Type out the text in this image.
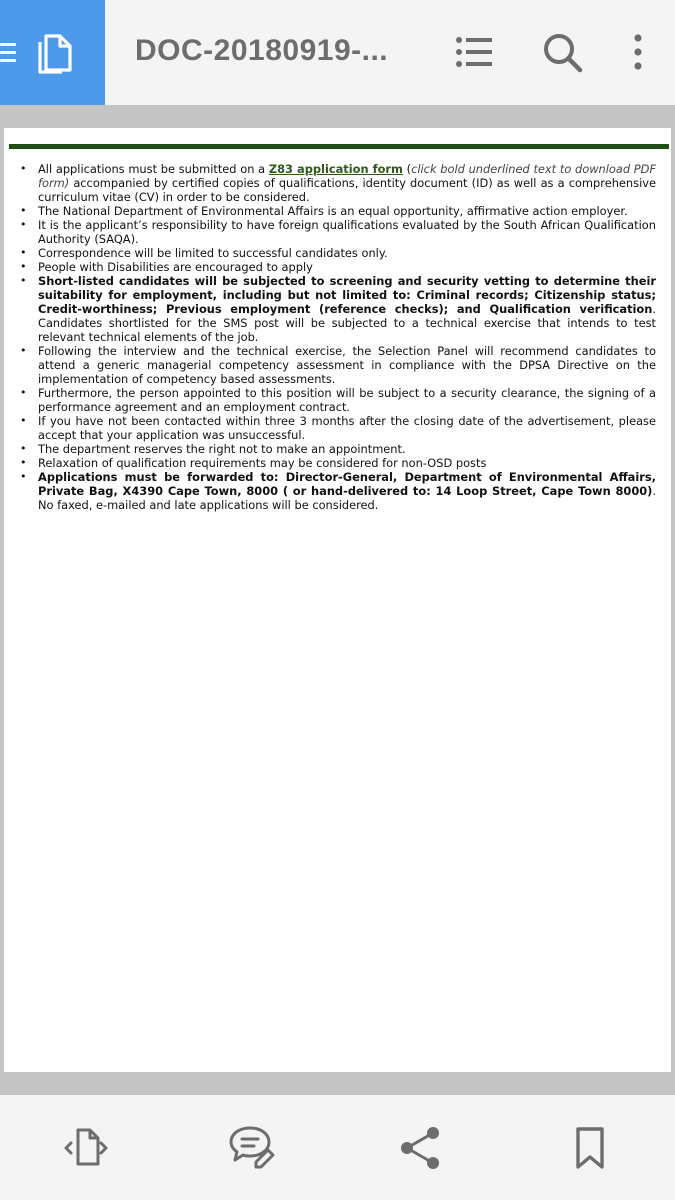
DOC-20180919-...
• All applications must be submitted on a Z83 application form (click bold underlined text to download PDF form) accompanied by certified copies of qualifications, identity document (ID) as well as a comprehensive curriculum vitae (CV) in order to be considered.
• The National Department of Environmental Affairs is an equal opportunity, affirmative action employer.
• It is the applicant’s responsibility to have foreign qualifications evaluated by the South African Qualification Authority (SAQA).
• Correspondence will be limited to successful candidates only.
• People with Disabilities are encouraged to apply
• Short-listed candidates will be subjected to screening and security vetting to determine their suitability for employment, including but not limited to: Criminal records; Citizenship status; Credit-worthiness; Previous employment (reference checks); and Qualification verification. Candidates shortlisted for the SMS post will be subjected to a technical exercise that intends to test relevant technical elements of the job.
• Following the interview and the technical exercise, the Selection Panel will recommend candidates to attend a generic managerial competency assessment in compliance with the DPSA Directive on the implementation of competency based assessments.
• Furthermore, the person appointed to this position will be subject to a security clearance, the signing of a performance agreement and an employment contract.
• If you have not been contacted within three 3 months after the closing date of the advertisement, please accept that your application was unsuccessful.
• The department reserves the right not to make an appointment.
• Relaxation of qualification requirements may be considered for non-OSD posts
• Applications must be forwarded to: Director-General, Department of Environmental Affairs, Private Bag, X4390 Cape Town, 8000 ( or hand-delivered to: 14 Loop Street, Cape Town 8000). No faxed, e-mailed and late applications will be considered.
